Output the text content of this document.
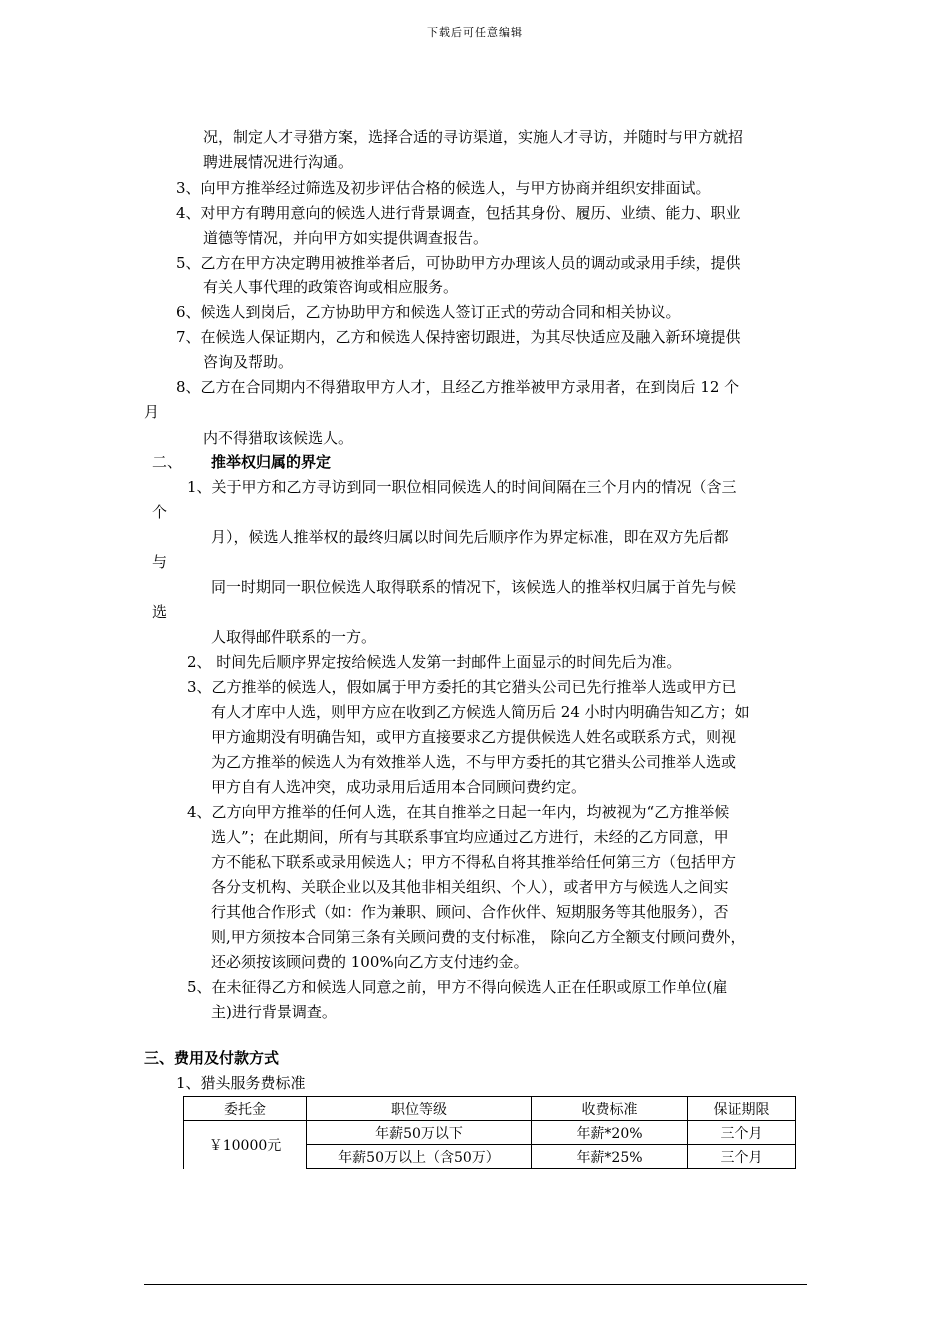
下载后可任意编辑
况，制定人才寻猎方案，选择合适的寻访渠道，实施人才寻访，并随时与甲方就招
聘进展情况进行沟通。
3、向甲方推举经过筛选及初步评估合格的候选人，与甲方协商并组织安排面试。
4、对甲方有聘用意向的候选人进行背景调查，包括其身份、履历、业绩、能力、职业
道德等情况，并向甲方如实提供调查报告。
5、乙方在甲方决定聘用被推举者后，可协助甲方办理该人员的调动或录用手续，提供
有关人事代理的政策咨询或相应服务。
6、候选人到岗后，乙方协助甲方和候选人签订正式的劳动合同和相关协议。
7、在候选人保证期内，乙方和候选人保持密切跟进，为其尽快适应及融入新环境提供
咨询及帮助。
8、乙方在合同期内不得猎取甲方人才，且经乙方推举被甲方录用者，在到岗后 12 个
月
内不得猎取该候选人。
二、 推举权归属的界定
1、关于甲方和乙方寻访到同一职位相同候选人的时间间隔在三个月内的情况（含三
个
月），候选人推举权的最终归属以时间先后顺序作为界定标准，即在双方先后都
与
同一时期同一职位候选人取得联系的情况下，该候选人的推举权归属于首先与候
选
人取得邮件联系的一方。
2、 时间先后顺序界定按给候选人发第一封邮件上面显示的时间先后为准。
3、乙方推举的候选人，假如属于甲方委托的其它猎头公司已先行推举人选或甲方已
有人才库中人选，则甲方应在收到乙方候选人简历后 24 小时内明确告知乙方；如
甲方逾期没有明确告知，或甲方直接要求乙方提供候选人姓名或联系方式，则视
为乙方推举的候选人为有效推举人选，不与甲方委托的其它猎头公司推举人选或
甲方自有人选冲突，成功录用后适用本合同顾问费约定。
4、乙方向甲方推举的任何人选，在其自推举之日起一年内，均被视为“乙方推举候
选人”；在此期间，所有与其联系事宜均应通过乙方进行，未经的乙方同意，甲
方不能私下联系或录用候选人；甲方不得私自将其推举给任何第三方（包括甲方
各分支机构、关联企业以及其他非相关组织、个人），或者甲方与候选人之间实
行其他合作形式（如：作为兼职、顾问、合作伙伴、短期服务等其他服务），否
则,甲方须按本合同第三条有关顾问费的支付标准， 除向乙方全额支付顾问费外，
还必须按该顾问费的 100%向乙方支付违约金。
5、在未征得乙方和候选人同意之前，甲方不得向候选人正在任职或原工作单位(雇
主)进行背景调查。
三、费用及付款方式
1、猎头服务费标准
委托金	职位等级	收费标准	保证期限
￥10000元	年薪50万以下	年薪*20%	三个月
	年薪50万以上（含50万）	年薪*25%	三个月
